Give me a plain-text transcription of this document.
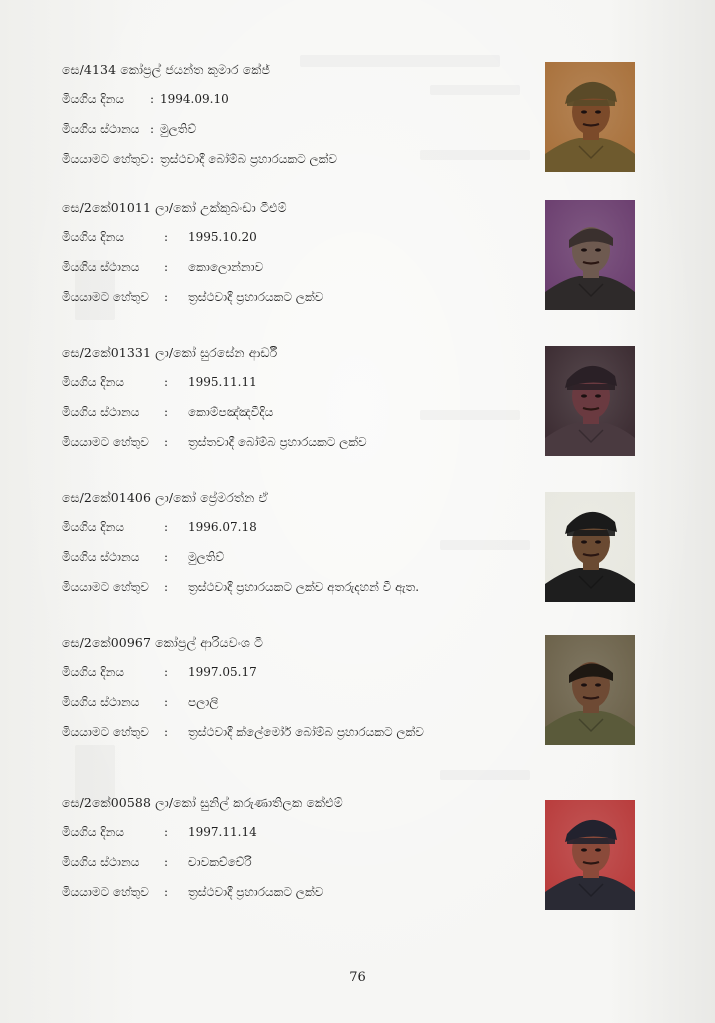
සෙ/4134 කෝප්‍රල් ජයන්ත කුමාර කේජ්
මියගිය දිනය : 1994.09.10
මියගිය ස්ථානය : මුලතිව්
මියයාමට හේතුව: ත්‍රස්ථවාදී බෝම්බ ප්‍රහාරයකට ලක්ව
සෙ/2කේ01011 ලා/කෝ උක්කුබංඩා ටීඑම්
මියගිය දිනය	: 1995.10.20
මියගිය ස්ථානය : කොලොන්නාව
මියයාමට හේතුව : ත්‍රස්ථවාදී ප්‍රහාරයකට ලක්ව
සෙ/2කේ01331 ලා/කෝ සුරසේන ආර්ඩී
මියගිය දිනය	: 1995.11.11
මියගිය ස්ථානය : කොම්පඤ්ඤවීදිය
මියයාමට හේතුව : ත්‍රස්තවාදී බෝම්බ ප්‍රහාරයකට ලක්ව
සෙ/2කේ01406 ලා/කෝ ප්‍රේමරත්න ඒ
මියගිය දිනය	: 1996.07.18
මියගිය ස්ථානය : මුලතිව්
මියයාමට හේතුව : ත්‍රස්ථවාදී ප්‍රහාරයකට ලක්ව අතරුදහන් වී ඇත.
සෙ/2කේ00967 කෝප්‍රල් ආරියවංශ ටී
මියගිය දිනය	: 1997.05.17
මියගිය ස්ථානය : පලාලි
මියයාමට හේතුව : ත්‍රස්ථවාදී ක්ලේමෝර් බෝම්බ ප්‍රහාරයකට ලක්ව
සෙ/2කේ00588 ලා/කෝ සුනිල් කරුණාතිලක කේඑම්
මියගිය දිනය	: 1997.11.14
මියගිය ස්ථානය : චාවකච්චේරි
මියයාමට හේතුව : ත්‍රස්ථවාදී ප්‍රහාරයකට ලක්ව
76
